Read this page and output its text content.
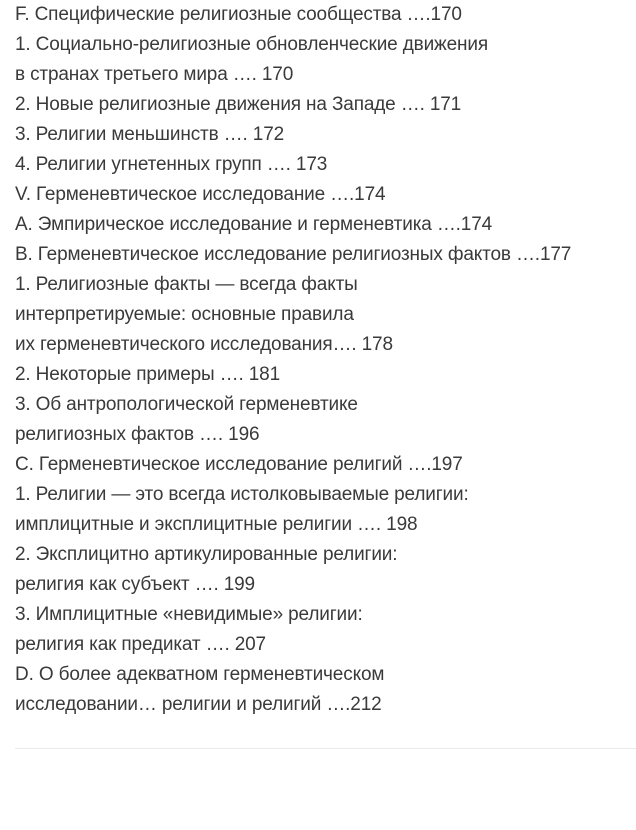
F. Специфические религиозные сообщества ….170
1. Социально-религиозные обновленческие движения
в странах третьего мира …. 170
2. Новые религиозные движения на Западе …. 171
3. Религии меньшинств …. 172
4. Религии угнетенных групп …. 173
V. Герменевтическое исследование ….174
A. Эмпирическое исследование и герменевтика ….174
B. Герменевтическое исследование религиозных фактов ….177
1. Религиозные факты — всегда факты
интерпретируемые: основные правила
их герменевтического исследования…. 178
2. Некоторые примеры …. 181
3. Об антропологической герменевтике
религиозных фактов …. 196
C. Герменевтическое исследование религий ….197
1. Религии — это всегда истолковываемые религии:
имплицитные и эксплицитные религии …. 198
2. Эксплицитно артикулированные религии:
религия как субъект …. 199
3. Имплицитные «невидимые» религии:
религия как предикат …. 207
D. О более адекватном герменевтическом
исследовании… религии и религий ….212
